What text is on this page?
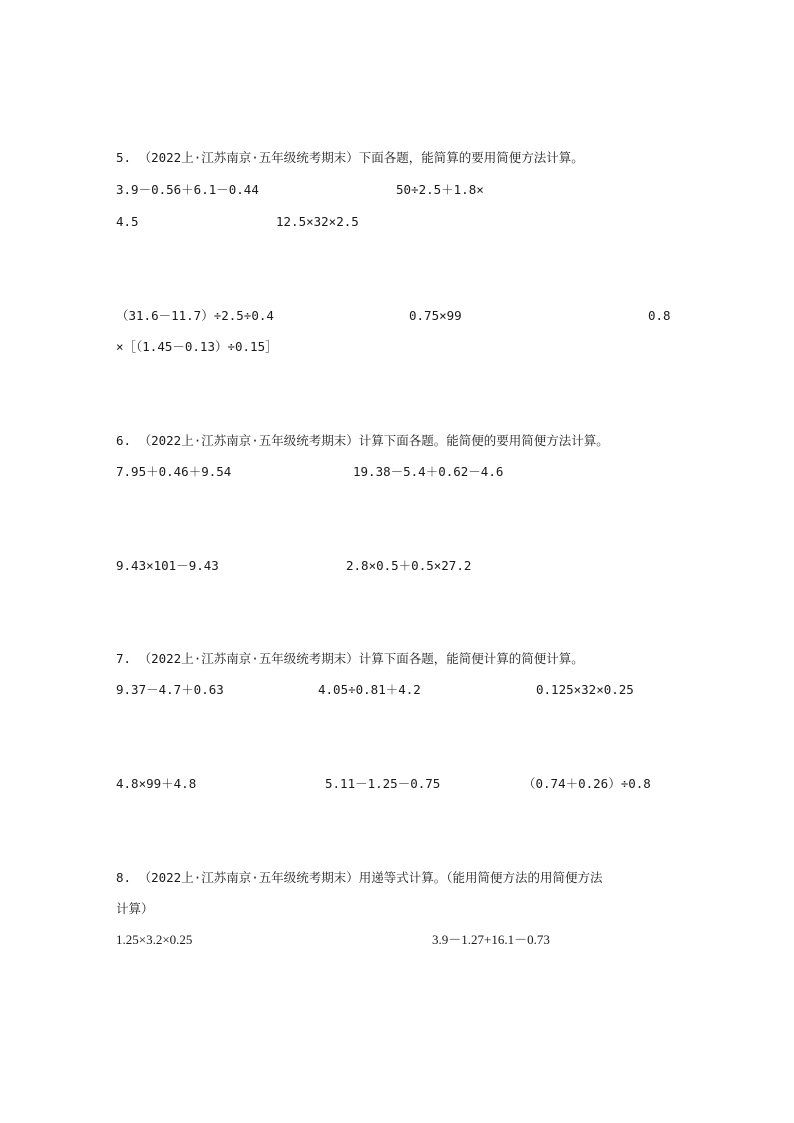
5. （2022上·江苏南京·五年级统考期末）下面各题，能简算的要用简便方法计算。
3.9－0.56＋6.1－0.44	50÷2.5＋1.8×
4.5	12.5×32×2.5
（31.6－11.7）÷2.5÷0.4	0.75×99	0.8
×［（1.45－0.13）÷0.15］
6. （2022上·江苏南京·五年级统考期末）计算下面各题。能简便的要用简便方法计算。
7.95＋0.46＋9.54	19.38－5.4＋0.62－4.6
9.43×101－9.43	2.8×0.5＋0.5×27.2
7. （2022上·江苏南京·五年级统考期末）计算下面各题，能简便计算的简便计算。
9.37－4.7＋0.63	4.05÷0.81＋4.2	0.125×32×0.25
4.8×99＋4.8	5.11－1.25－0.75	（0.74＋0.26）÷0.8
8. （2022上·江苏南京·五年级统考期末）用递等式计算。（能用简便方法的用简便方法
计算）
1.25×3.2×0.25	3.9－1.27+16.1－0.73
